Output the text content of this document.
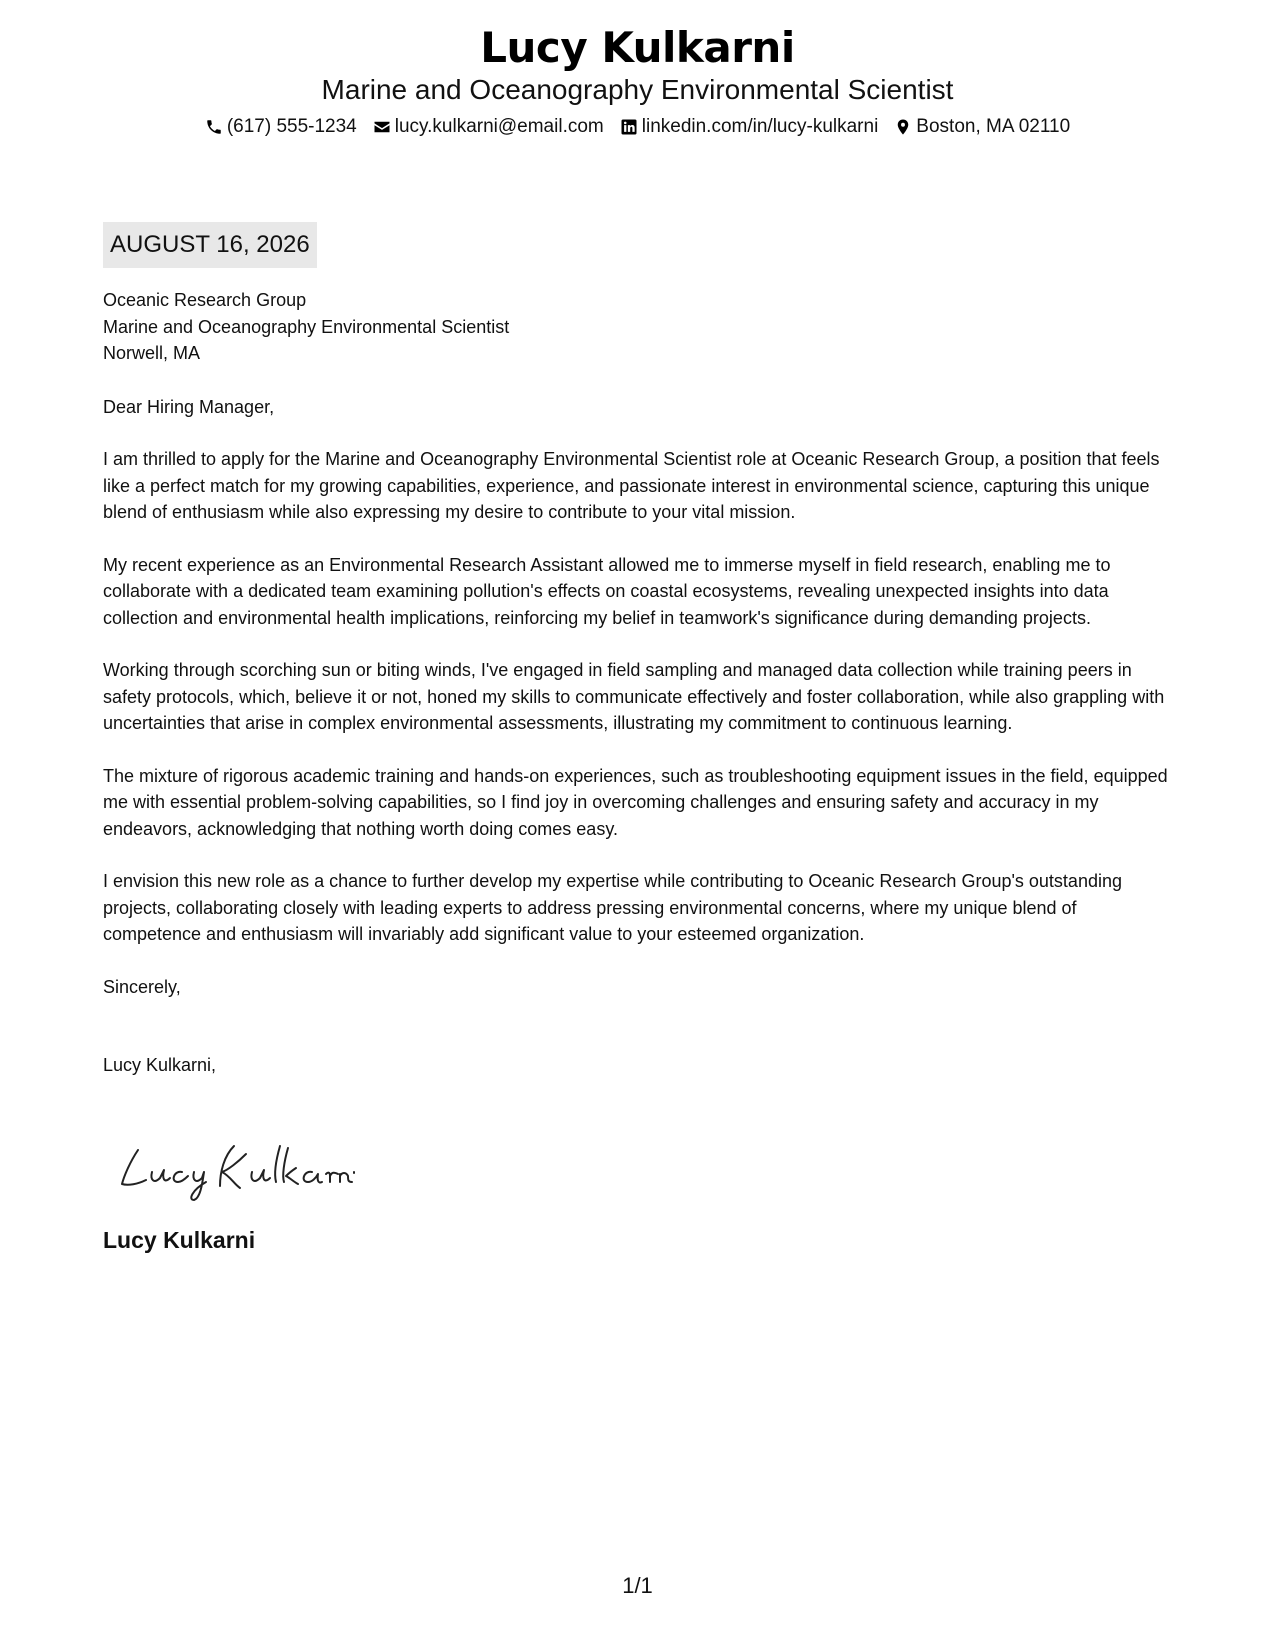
Lucy Kulkarni
Marine and Oceanography Environmental Scientist
(617) 555-1234 lucy.kulkarni@email.com linkedin.com/in/lucy-kulkarni Boston, MA 02110
AUGUST 16, 2026
Oceanic Research Group
Marine and Oceanography Environmental Scientist
Norwell, MA
Dear Hiring Manager,
I am thrilled to apply for the Marine and Oceanography Environmental Scientist role at Oceanic Research Group, a position that feels like a perfect match for my growing capabilities, experience, and passionate interest in environmental science, capturing this unique blend of enthusiasm while also expressing my desire to contribute to your vital mission.
My recent experience as an Environmental Research Assistant allowed me to immerse myself in field research, enabling me to collaborate with a dedicated team examining pollution's effects on coastal ecosystems, revealing unexpected insights into data collection and environmental health implications, reinforcing my belief in teamwork's significance during demanding projects.
Working through scorching sun or biting winds, I've engaged in field sampling and managed data collection while training peers in safety protocols, which, believe it or not, honed my skills to communicate effectively and foster collaboration, while also grappling with uncertainties that arise in complex environmental assessments, illustrating my commitment to continuous learning.
The mixture of rigorous academic training and hands-on experiences, such as troubleshooting equipment issues in the field, equipped me with essential problem-solving capabilities, so I find joy in overcoming challenges and ensuring safety and accuracy in my endeavors, acknowledging that nothing worth doing comes easy.
I envision this new role as a chance to further develop my expertise while contributing to Oceanic Research Group's outstanding projects, collaborating closely with leading experts to address pressing environmental concerns, where my unique blend of competence and enthusiasm will invariably add significant value to your esteemed organization.
Sincerely,
Lucy Kulkarni,
Lucy Kulkarni
1/1
